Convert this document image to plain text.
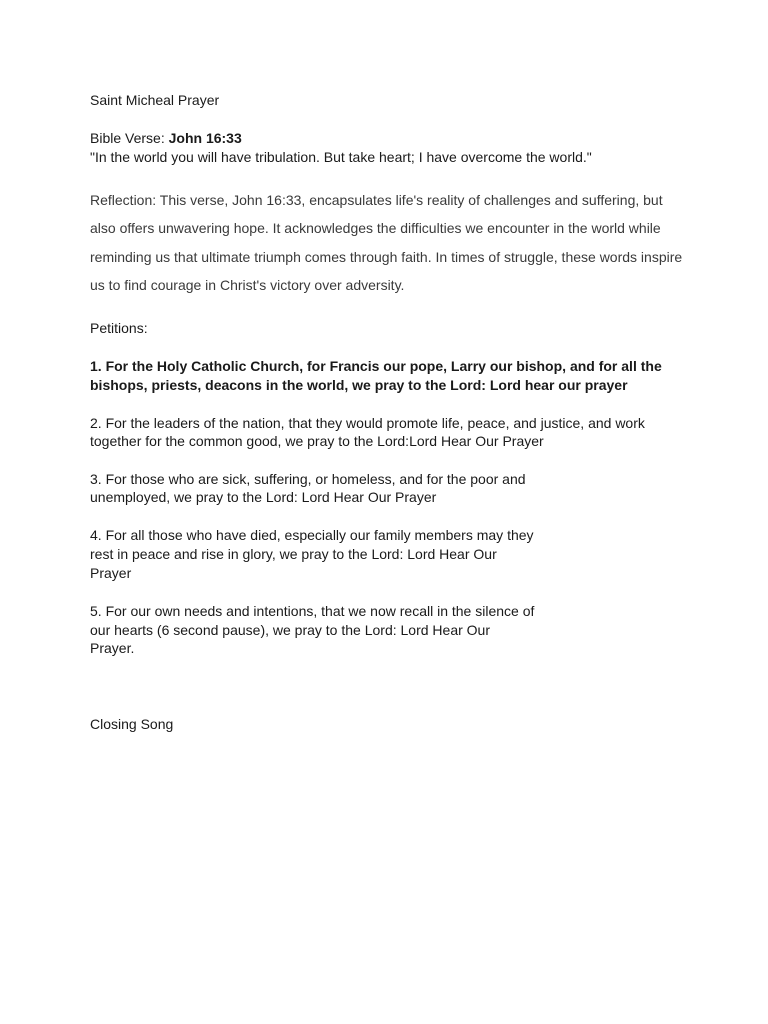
Saint Micheal Prayer
Bible Verse: John 16:33
"In the world you will have tribulation. But take heart; I have overcome the world."
Reflection: This verse, John 16:33, encapsulates life's reality of challenges and suffering, but
also offers unwavering hope. It acknowledges the difficulties we encounter in the world while
reminding us that ultimate triumph comes through faith. In times of struggle, these words inspire
us to find courage in Christ's victory over adversity.
Petitions:
1. For the Holy Catholic Church, for Francis our pope, Larry our bishop, and for all the
bishops, priests, deacons in the world, we pray to the Lord: Lord hear our prayer
2. For the leaders of the nation, that they would promote life, peace, and justice, and work
together for the common good, we pray to the Lord:Lord Hear Our Prayer
3. For those who are sick, suffering, or homeless, and for the poor and
unemployed, we pray to the Lord: Lord Hear Our Prayer
4. For all those who have died, especially our family members may they
rest in peace and rise in glory, we pray to the Lord: Lord Hear Our
Prayer
5. For our own needs and intentions, that we now recall in the silence of
our hearts (6 second pause), we pray to the Lord: Lord Hear Our
Prayer.
Closing Song
